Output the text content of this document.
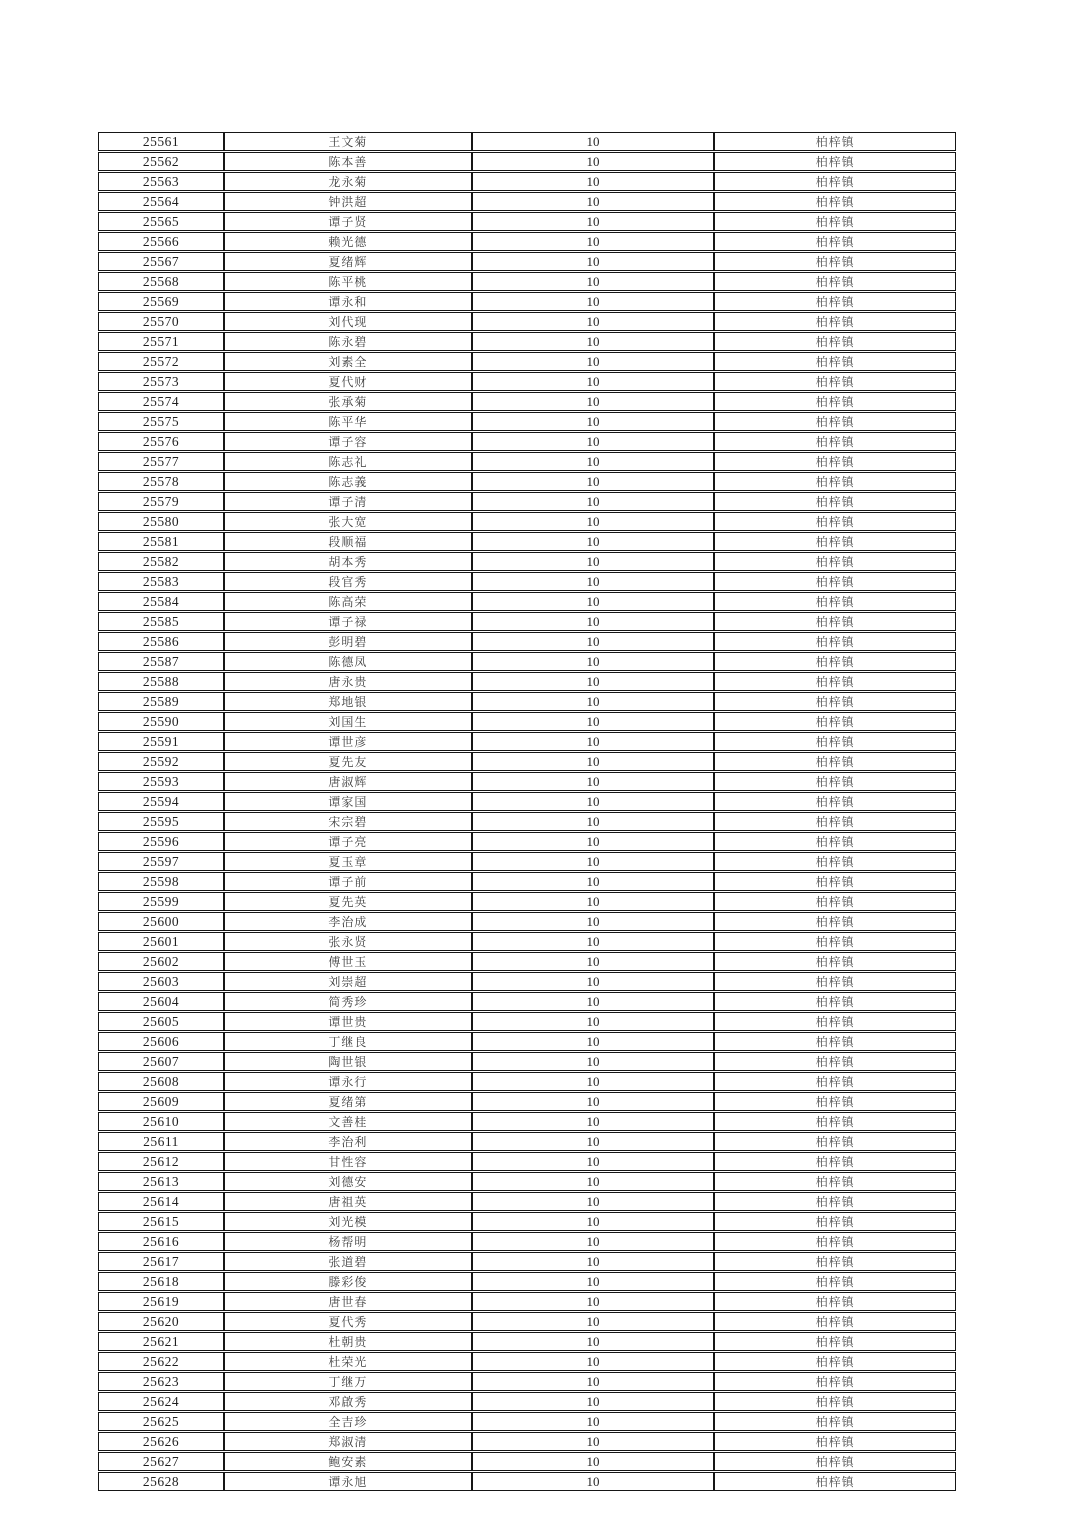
25561	王文菊	10	柏梓镇
25562	陈本善	10	柏梓镇
25563	龙永菊	10	柏梓镇
25564	钟洪超	10	柏梓镇
25565	谭子贤	10	柏梓镇
25566	赖光德	10	柏梓镇
25567	夏绪辉	10	柏梓镇
25568	陈平桃	10	柏梓镇
25569	谭永和	10	柏梓镇
25570	刘代现	10	柏梓镇
25571	陈永碧	10	柏梓镇
25572	刘素全	10	柏梓镇
25573	夏代财	10	柏梓镇
25574	张承菊	10	柏梓镇
25575	陈平华	10	柏梓镇
25576	谭子容	10	柏梓镇
25577	陈志礼	10	柏梓镇
25578	陈志義	10	柏梓镇
25579	谭子清	10	柏梓镇
25580	张大宽	10	柏梓镇
25581	段顺福	10	柏梓镇
25582	胡本秀	10	柏梓镇
25583	段官秀	10	柏梓镇
25584	陈高荣	10	柏梓镇
25585	谭子禄	10	柏梓镇
25586	彭明碧	10	柏梓镇
25587	陈德凤	10	柏梓镇
25588	唐永贵	10	柏梓镇
25589	郑地银	10	柏梓镇
25590	刘国生	10	柏梓镇
25591	谭世彦	10	柏梓镇
25592	夏先友	10	柏梓镇
25593	唐淑辉	10	柏梓镇
25594	谭家国	10	柏梓镇
25595	宋宗碧	10	柏梓镇
25596	谭子亮	10	柏梓镇
25597	夏玉章	10	柏梓镇
25598	谭子前	10	柏梓镇
25599	夏先英	10	柏梓镇
25600	李治成	10	柏梓镇
25601	张永贤	10	柏梓镇
25602	傅世玉	10	柏梓镇
25603	刘崇超	10	柏梓镇
25604	简秀珍	10	柏梓镇
25605	谭世贵	10	柏梓镇
25606	丁继良	10	柏梓镇
25607	陶世银	10	柏梓镇
25608	谭永行	10	柏梓镇
25609	夏绪第	10	柏梓镇
25610	文善桂	10	柏梓镇
25611	李治利	10	柏梓镇
25612	甘性容	10	柏梓镇
25613	刘德安	10	柏梓镇
25614	唐祖英	10	柏梓镇
25615	刘光模	10	柏梓镇
25616	杨帮明	10	柏梓镇
25617	张道碧	10	柏梓镇
25618	滕彩俊	10	柏梓镇
25619	唐世春	10	柏梓镇
25620	夏代秀	10	柏梓镇
25621	杜朝贵	10	柏梓镇
25622	杜荣光	10	柏梓镇
25623	丁继万	10	柏梓镇
25624	邓啟秀	10	柏梓镇
25625	全吉珍	10	柏梓镇
25626	郑淑清	10	柏梓镇
25627	鲍安素	10	柏梓镇
25628	谭永旭	10	柏梓镇
